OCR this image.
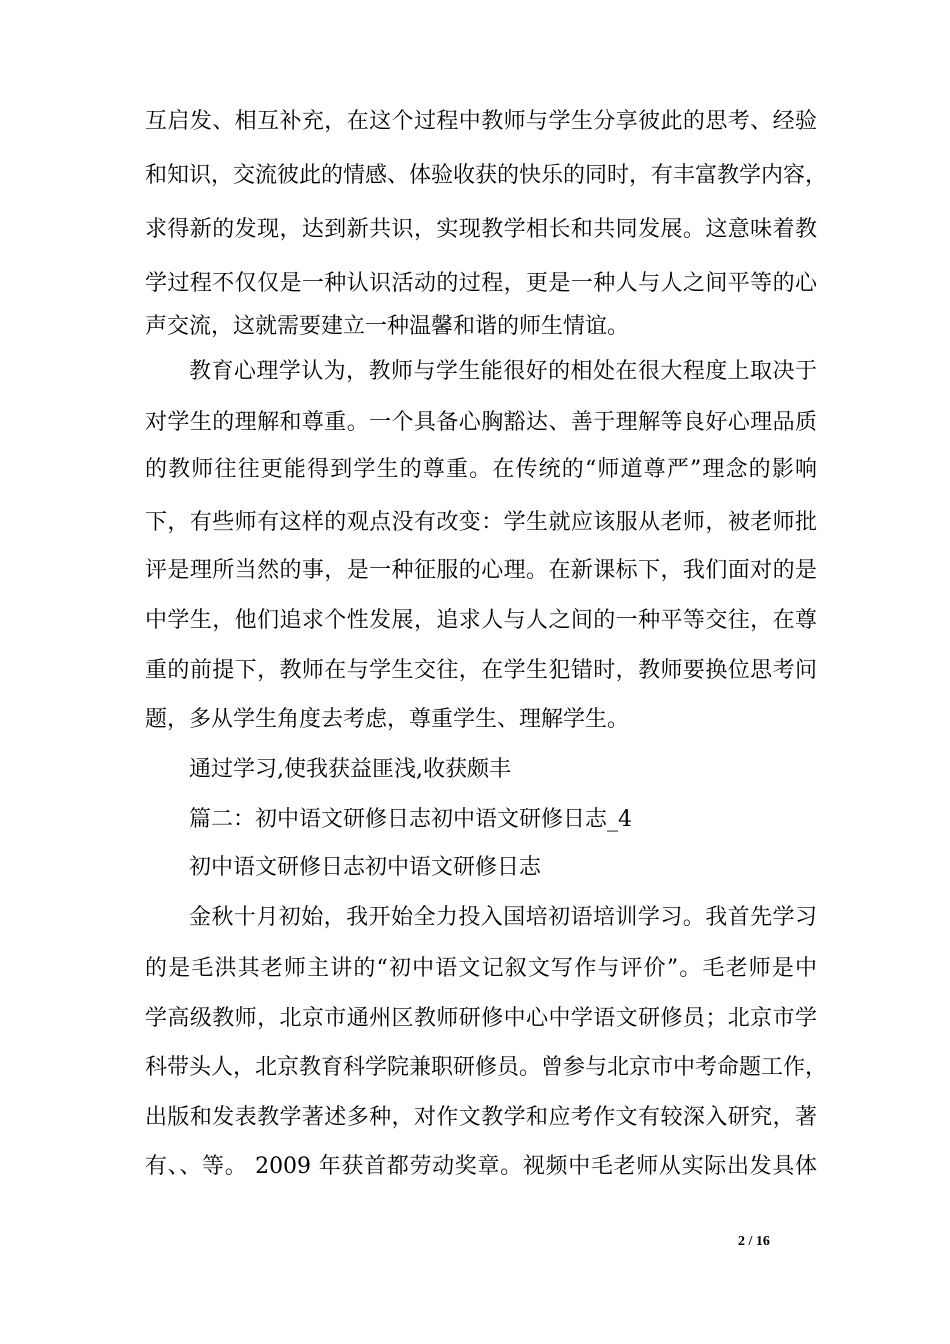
互启发、相互补充，在这个过程中教师与学生分享彼此的思考、经验
和知识，交流彼此的情感、体验收获的快乐的同时，有丰富教学内容，
求得新的发现，达到新共识，实现教学相长和共同发展。这意味着教
学过程不仅仅是一种认识活动的过程，更是一种人与人之间平等的心
声交流，这就需要建立一种温馨和谐的师生情谊。
教育心理学认为，教师与学生能很好的相处在很大程度上取决于
对学生的理解和尊重。一个具备心胸豁达、善于理解等良好心理品质
的教师往往更能得到学生的尊重。在传统的“师道尊严”理念的影响
下，有些师有这样的观点没有改变：学生就应该服从老师，被老师批
评是理所当然的事，是一种征服的心理。在新课标下，我们面对的是
中学生，他们追求个性发展，追求人与人之间的一种平等交往，在尊
重的前提下，教师在与学生交往，在学生犯错时，教师要换位思考问
题，多从学生角度去考虑，尊重学生、理解学生。
通过学习,使我获益匪浅,收获颇丰
篇二：初中语文研修日志初中语文研修日志_4
初中语文研修日志初中语文研修日志
金秋十月初始，我开始全力投入国培初语培训学习。我首先学习
的是毛洪其老师主讲的“初中语文记叙文写作与评价”。毛老师是中
学高级教师，北京市通州区教师研修中心中学语文研修员；北京市学
科带头人，北京教育科学院兼职研修员。曾参与北京市中考命题工作，
出版和发表教学著述多种，对作文教学和应考作文有较深入研究，著
有、、等。 2009 年获首都劳动奖章。视频中毛老师从实际出发具体
2 / 16
